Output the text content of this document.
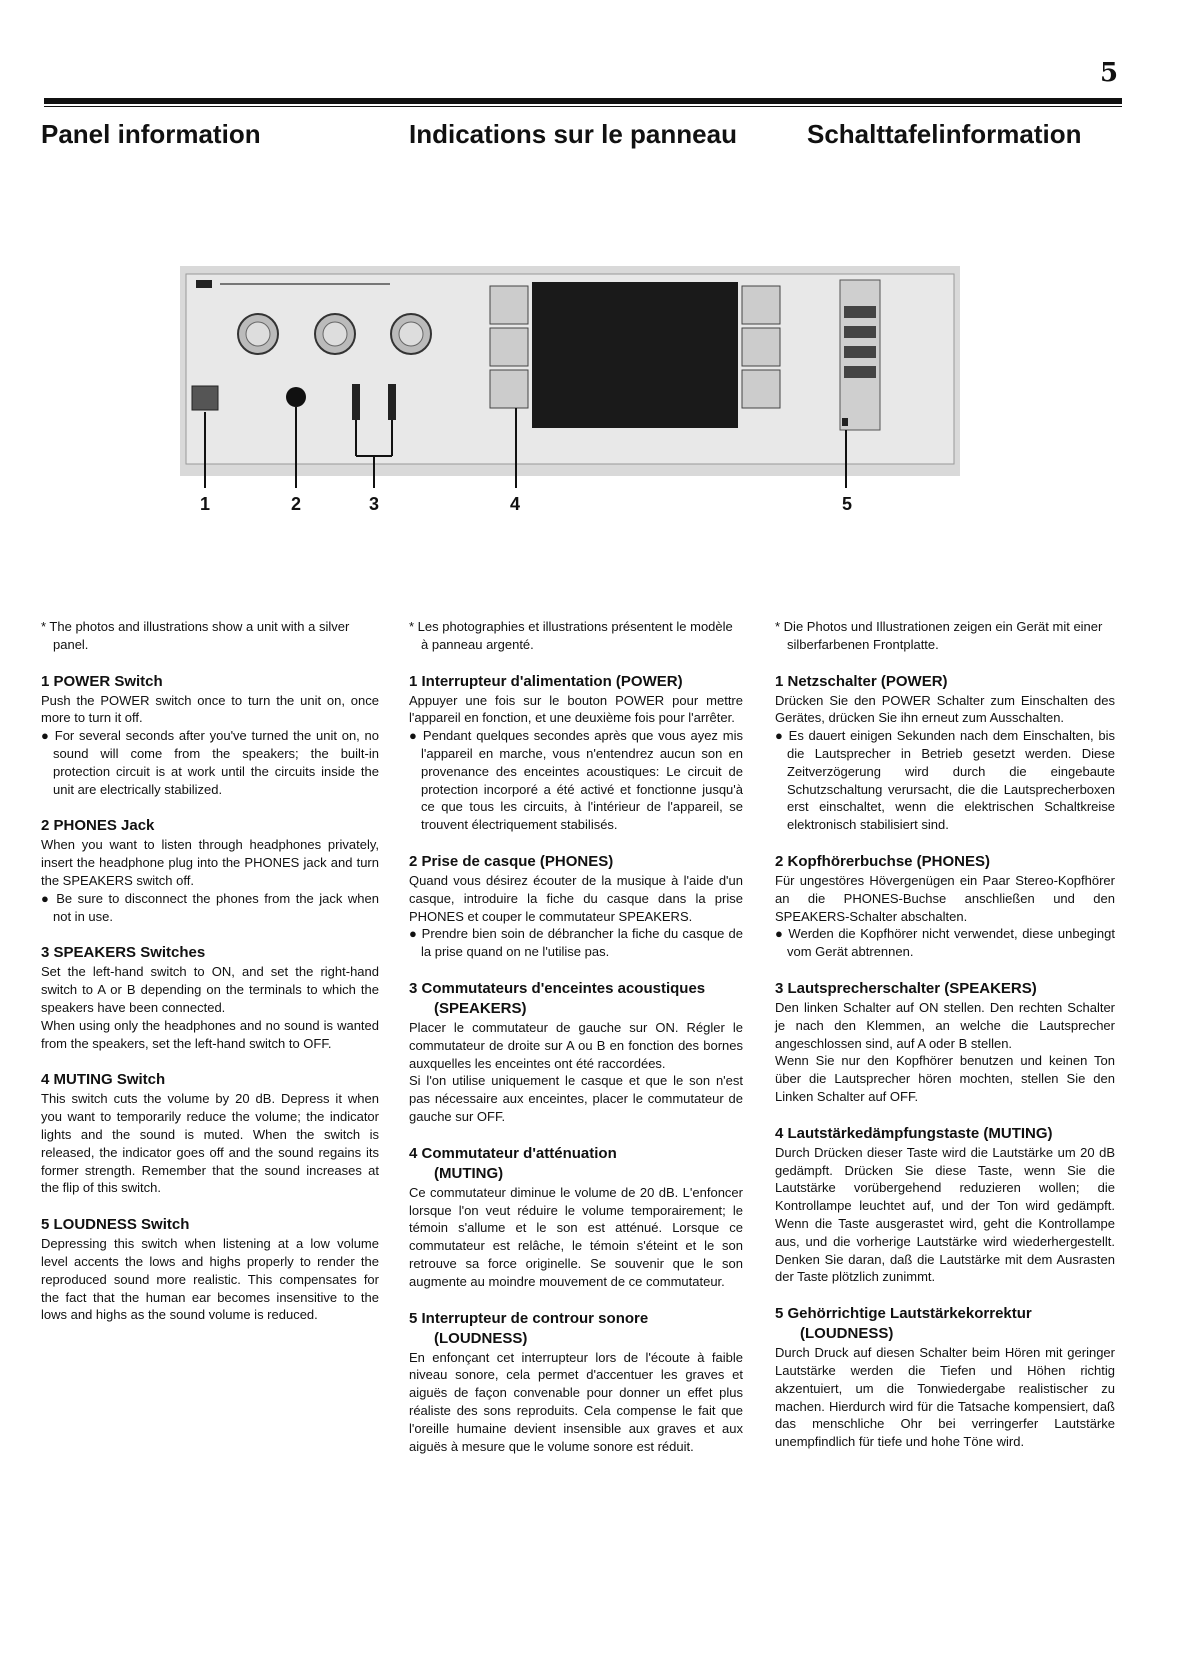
5
Panel information	Indications sur le panneau	Schalttafelinformation
1	2	3	4	5

* The photos and illustrations show a unit with a silver panel.

1 POWER Switch

Push the POWER switch once to turn the unit on, once more to turn it off.

● For several seconds after you've turned the unit on, no sound will come from the speakers; the built-in protection circuit is at work until the circuits inside the unit are electrically stabilized.

2 PHONES Jack

When you want to listen through headphones privately, insert the headphone plug into the PHONES jack and turn the SPEAKERS switch off.

● Be sure to disconnect the phones from the jack when not in use.

3 SPEAKERS Switches

Set the left-hand switch to ON, and set the right-hand switch to A or B depending on the terminals to which the speakers have been connected.

When using only the headphones and no sound is wanted from the speakers, set the left-hand switch to OFF.

4 MUTING Switch

This switch cuts the volume by 20 dB. Depress it when you want to temporarily reduce the volume; the indicator lights and the sound is muted. When the switch is released, the indicator goes off and the sound regains its former strength. Remember that the sound increases at the flip of this switch.

5 LOUDNESS Switch

Depressing this switch when listening at a low volume level accents the lows and highs properly to render the reproduced sound more realistic. This compensates for the fact that the human ear becomes insensitive to the lows and highs as the sound volume is reduced.

* Les photographies et illustrations présentent le modèle à panneau argenté.

1 Interrupteur d'alimentation (POWER)

Appuyer une fois sur le bouton POWER pour mettre l'appareil en fonction, et une deuxième fois pour l'arrêter.

● Pendant quelques secondes après que vous ayez mis l'appareil en marche, vous n'entendrez aucun son en provenance des enceintes acoustiques: Le circuit de protection incorporé a été activé et fonctionne jusqu'à ce que tous les circuits, à l'intérieur de l'appareil, se trouvent électriquement stabilisés.

2 Prise de casque (PHONES)

Quand vous désirez écouter de la musique à l'aide d'un casque, introduire la fiche du casque dans la prise PHONES et couper le commutateur SPEAKERS.

● Prendre bien soin de débrancher la fiche du casque de la prise quand on ne l'utilise pas.

3 Commutateurs d'enceintes acoustiques
(SPEAKERS)

Placer le commutateur de gauche sur ON. Régler le commutateur de droite sur A ou B en fonction des bornes auxquelles les enceintes ont été raccordées.

Si l'on utilise uniquement le casque et que le son n'est pas nécessaire aux enceintes, placer le commutateur de gauche sur OFF.

4 Commutateur d'atténuation
(MUTING)

Ce commutateur diminue le volume de 20 dB. L'enfoncer lorsque l'on veut réduire le volume temporairement; le témoin s'allume et le son est atténué. Lorsque ce commutateur est relâche, le témoin s'éteint et le son retrouve sa force originelle. Se souvenir que le son augmente au moindre mouvement de ce commutateur.

5 Interrupteur de controur sonore
(LOUDNESS)

En enfonçant cet interrupteur lors de l'écoute à faible niveau sonore, cela permet d'accentuer les graves et aiguës de façon convenable pour donner un effet plus réaliste des sons reproduits. Cela compense le fait que l'oreille humaine devient insensible aux graves et aux aiguës à mesure que le volume sonore est réduit.

* Die Photos und Illustrationen zeigen ein Gerät mit einer silberfarbenen Frontplatte.

1 Netzschalter (POWER)

Drücken Sie den POWER Schalter zum Einschalten des Gerätes, drücken Sie ihn erneut zum Ausschalten.

● Es dauert einigen Sekunden nach dem Einschalten, bis die Lautsprecher in Betrieb gesetzt werden. Diese Zeitverzögerung wird durch die eingebaute Schutzschaltung verursacht, die die Lautsprecherboxen erst einschaltet, wenn die elektrischen Schaltkreise elektronisch stabilisiert sind.

2 Kopfhörerbuchse (PHONES)

Für ungestöres Hövergenügen ein Paar Stereo-Kopfhörer an die PHONES-Buchse anschließen und den SPEAKERS-Schalter abschalten.

● Werden die Kopfhörer nicht verwendet, diese unbegingt vom Gerät abtrennen.

3 Lautsprecherschalter (SPEAKERS)

Den linken Schalter auf ON stellen. Den rechten Schalter je nach den Klemmen, an welche die Lautsprecher angeschlossen sind, auf A oder B stellen.

Wenn Sie nur den Kopfhörer benutzen und keinen Ton über die Lautsprecher hören mochten, stellen Sie den Linken Schalter auf OFF.

4 Lautstärkedämpfungstaste (MUTING)

Durch Drücken dieser Taste wird die Lautstärke um 20 dB gedämpft. Drücken Sie diese Taste, wenn Sie die Lautstärke vorübergehend reduzieren wollen; die Kontrollampe leuchtet auf, und der Ton wird gedämpft. Wenn die Taste ausgerastet wird, geht die Kontrollampe aus, und die vorherige Lautstärke wird wiederhergestellt. Denken Sie daran, daß die Lautstärke mit dem Ausrasten der Taste plötzlich zunimmt.

5 Gehörrichtige Lautstärkekorrektur
(LOUDNESS)

Durch Druck auf diesen Schalter beim Hören mit geringer Lautstärke werden die Tiefen und Höhen richtig akzentuiert, um die Tonwiedergabe realistischer zu machen. Hierdurch wird für die Tatsache kompensiert, daß das menschliche Ohr bei verringerfer Lautstärke unempfindlich für tiefe und hohe Töne wird.
